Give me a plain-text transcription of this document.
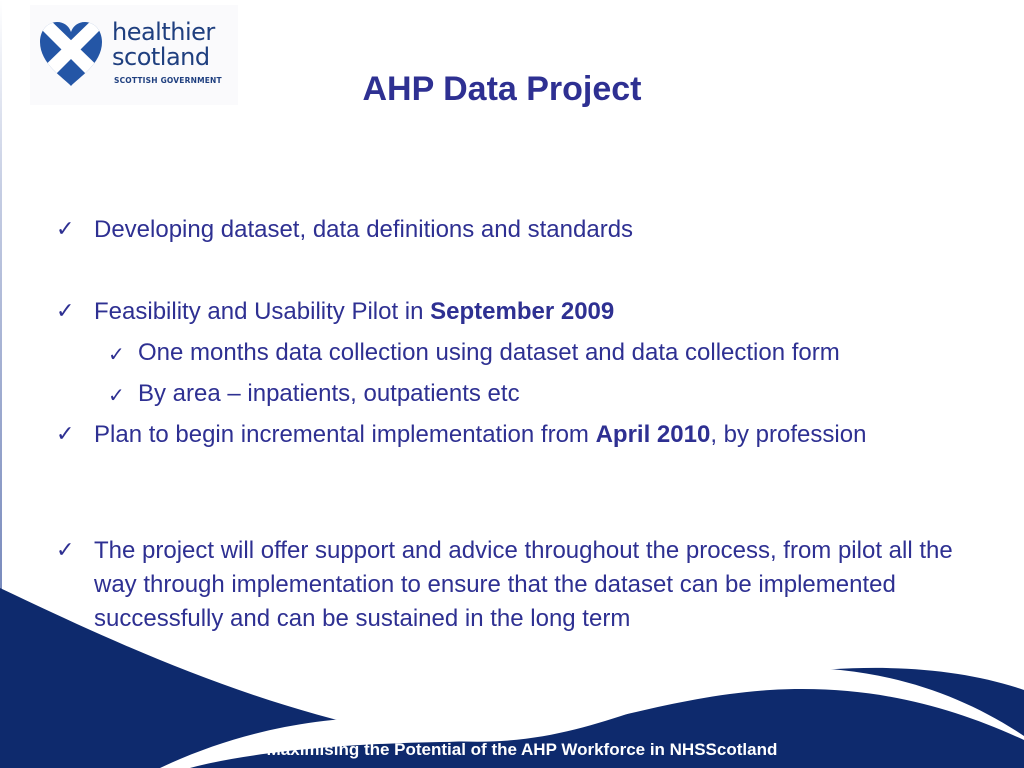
healthier
scotland
SCOTTISH GOVERNMENT	AHP Data Project
✓ Developing dataset, data definitions and standards
✓ Feasibility and Usability Pilot in September 2009
✓ One months data collection using dataset and data collection form
✓ By area – inpatients, outpatients etc
✓ Plan to begin incremental implementation from April 2010, by profession
✓ The project will offer support and advice throughout the process, from pilot all the way through implementation to ensure that the dataset can be implemented successfully and can be sustained in the long term
Maximising the Potential of the AHP Workforce in NHSScotland
